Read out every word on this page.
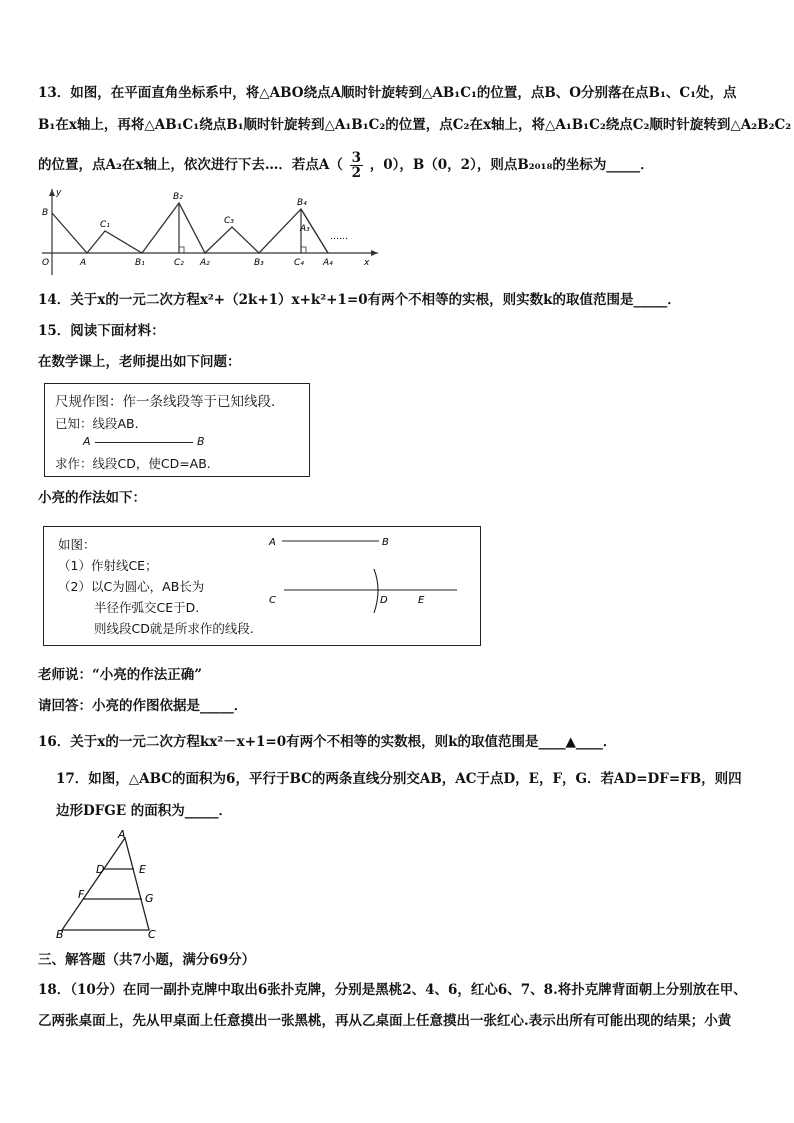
13．如图，在平面直角坐标系中，将△ABO绕点A顺时针旋转到△AB₁C₁的位置，点B、O分别落在点B₁、C₁处，点
B₁在x轴上，再将△AB₁C₁绕点B₁顺时针旋转到△A₁B₁C₂的位置，点C₂在x轴上，将△A₁B₁C₂绕点C₂顺时针旋转到△A₂B₂C₂
的位置，点A₂在x轴上，依次进行下去…．若点$A( \frac{3}{2}$ ，0），B（0，2），则点B₂₀₁₈的坐标为_____．
y
B
O	A
C₁
B₁
B₂
C₂ A₂
C₃
B₃
B₄
A₃
C₄ A₄
……
x
14．关于x的一元二次方程x²+（2k+1）x+k²+1=0有两个不相等的实根，则实数k的取值范围是_____．
15．阅读下面材料：
在数学课上，老师提出如下问题：
尺规作图：作一条线段等于已知线段.
已知：线段AB.
A	B
求作：线段CD，使CD=AB.
小亮的作法如下：
如图：
（1）作射线CE；
（2）以C为圆心，AB长为
半径作弧交CE于D.
则线段CD就是所求作的线段.
A	B
C	D	E
老师说：“小亮的作法正确”
请回答：小亮的作图依据是_____．
16．关于x的一元二次方程kx²－x+1=0有两个不相等的实数根，则k的取值范围是____▲____．
17．如图，△ABC的面积为6，平行于BC的两条直线分别交AB，AC于点D，E，F，G．若AD=DF=FB，则四
边形DFGE 的面积为_____．
A
D	E
F	G
B	C
三、解答题（共7小题，满分69分）
18．（10分）在同一副扑克牌中取出6张扑克牌，分别是黑桃2、4、6，红心6、7、8.将扑克牌背面朝上分别放在甲、
乙两张桌面上，先从甲桌面上任意摸出一张黑桃，再从乙桌面上任意摸出一张红心.表示出所有可能出现的结果；小黄
